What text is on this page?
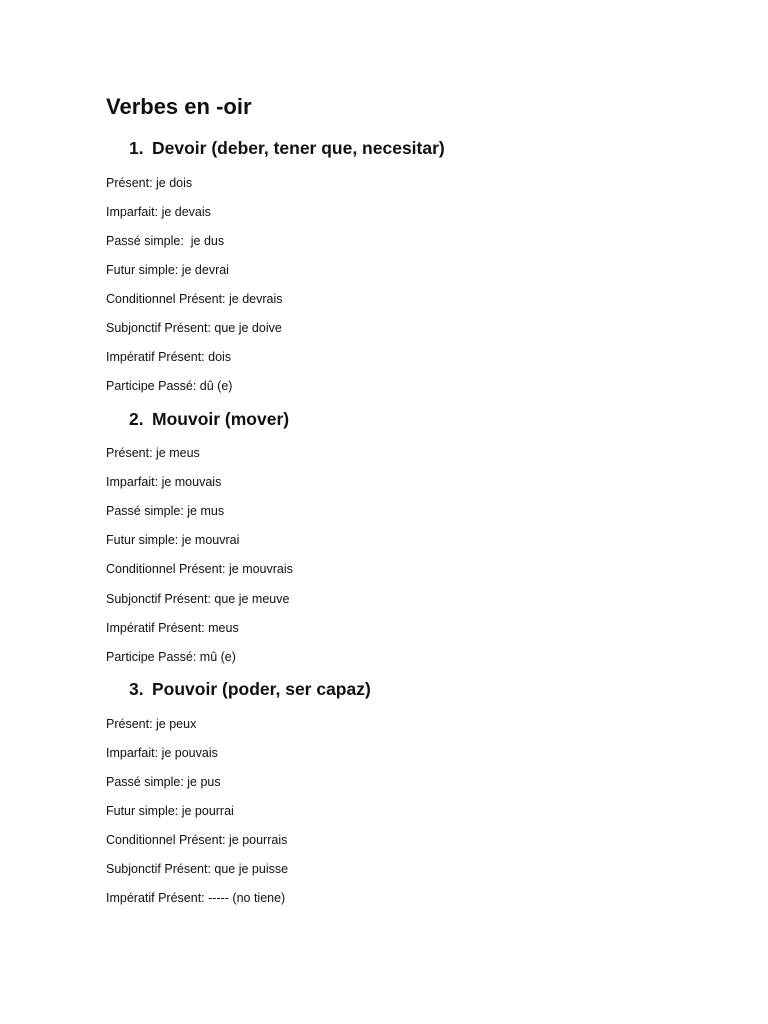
Verbes en -oir
1. Devoir (deber, tener que, necesitar)

Présent: je dois

Imparfait: je devais

Passé simple:  je dus

Futur simple: je devrai

Conditionnel Présent: je devrais

Subjonctif Présent: que je doive

Impératif Présent: dois

Participe Passé: dû (e)

2. Mouvoir (mover)

Présent: je meus

Imparfait: je mouvais

Passé simple: je mus

Futur simple: je mouvrai

Conditionnel Présent: je mouvrais

Subjonctif Présent: que je meuve

Impératif Présent: meus

Participe Passé: mû (e)

3. Pouvoir (poder, ser capaz)

Présent: je peux

Imparfait: je pouvais

Passé simple: je pus

Futur simple: je pourrai

Conditionnel Présent: je pourrais

Subjonctif Présent: que je puisse

Impératif Présent: ----- (no tiene)
